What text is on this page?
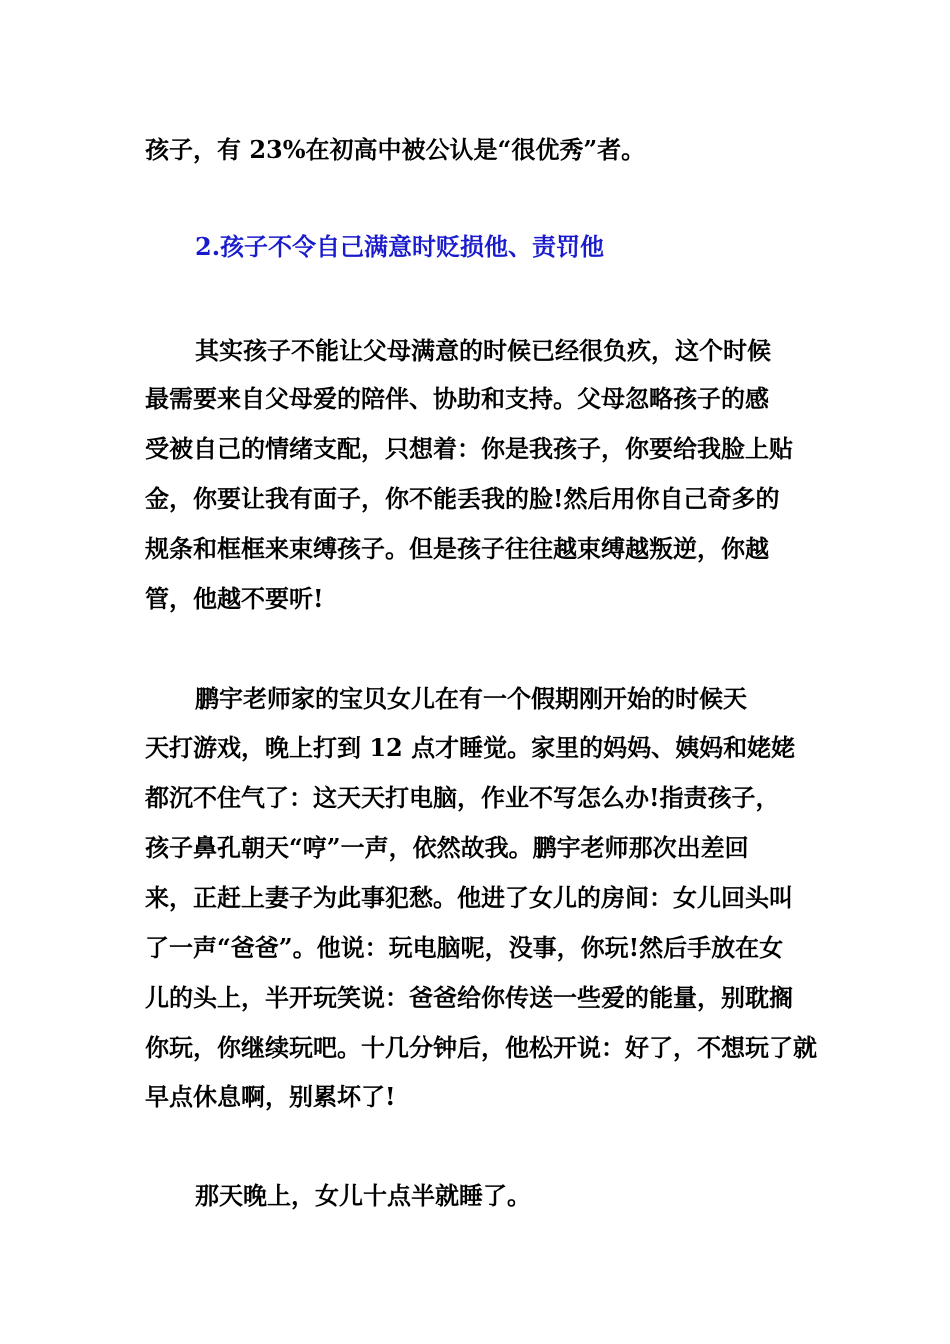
孩子，有 23%在初高中被公认是“很优秀”者。
2.孩子不令自己满意时贬损他、责罚他
其实孩子不能让父母满意的时候已经很负疚，这个时候
最需要来自父母爱的陪伴、协助和支持。父母忽略孩子的感
受被自己的情绪支配，只想着：你是我孩子，你要给我脸上贴
金，你要让我有面子，你不能丢我的脸!然后用你自己奇多的
规条和框框来束缚孩子。但是孩子往往越束缚越叛逆，你越
管，他越不要听!
鹏宇老师家的宝贝女儿在有一个假期刚开始的时候天
天打游戏，晚上打到 12 点才睡觉。家里的妈妈、姨妈和姥姥
都沉不住气了：这天天打电脑，作业不写怎么办!指责孩子，
孩子鼻孔朝天“哼”一声，依然故我。鹏宇老师那次出差回
来，正赶上妻子为此事犯愁。他进了女儿的房间：女儿回头叫
了一声“爸爸”。他说：玩电脑呢，没事，你玩!然后手放在女
儿的头上，半开玩笑说：爸爸给你传送一些爱的能量，别耽搁
你玩，你继续玩吧。十几分钟后，他松开说：好了，不想玩了就
早点休息啊，别累坏了!
那天晚上，女儿十点半就睡了。
